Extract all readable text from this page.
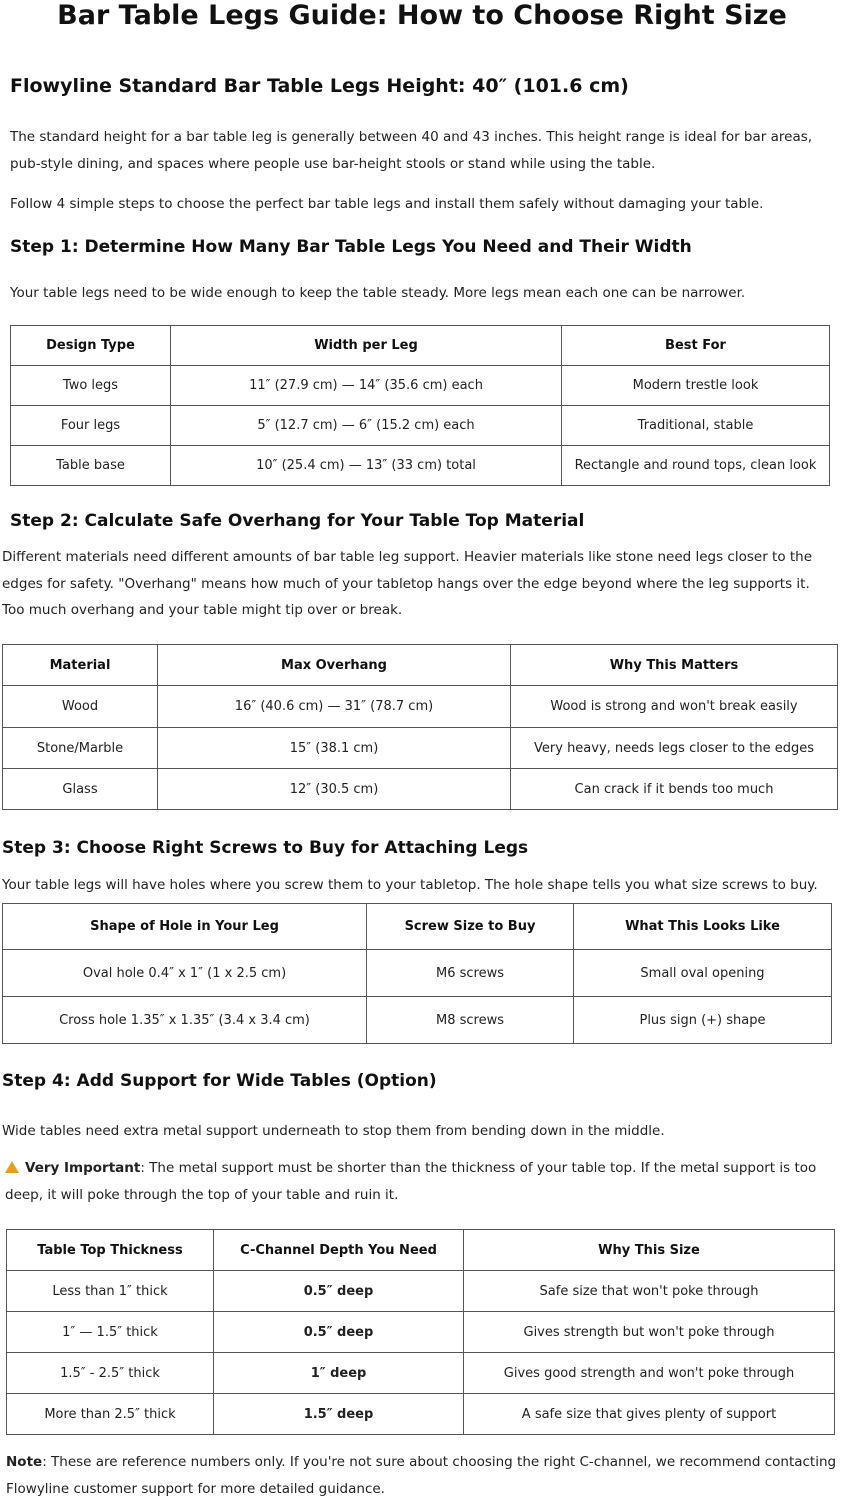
Bar Table Legs Guide: How to Choose Right Size
Flowyline Standard Bar Table Legs Height: 40″ (101.6 cm)

The standard height for a bar table leg is generally between 40 and 43 inches. This height range is ideal for bar areas, pub-style dining, and spaces where people use bar-height stools or stand while using the table.

Follow 4 simple steps to choose the perfect bar table legs and install them safely without damaging your table.

Step 1: Determine How Many Bar Table Legs You Need and Their Width

Your table legs need to be wide enough to keep the table steady. More legs mean each one can be narrower.

Design Type	Width per Leg	Best For
Two legs	11″ (27.9 cm) — 14″ (35.6 cm) each	Modern trestle look
Four legs	5″ (12.7 cm) — 6″ (15.2 cm) each	Traditional, stable
Table base	10″ (25.4 cm) — 13″ (33 cm) total	Rectangle and round tops, clean look
Step 2: Calculate Safe Overhang for Your Table Top Material

Different materials need different amounts of bar table leg support. Heavier materials like stone need legs closer to the edges for safety. "Overhang" means how much of your tabletop hangs over the edge beyond where the leg supports it. Too much overhang and your table might tip over or break.

Material	Max Overhang	Why This Matters
Wood	16″ (40.6 cm) — 31″ (78.7 cm)	Wood is strong and won't break easily
Stone/Marble	15″ (38.1 cm)	Very heavy, needs legs closer to the edges
Glass	12″ (30.5 cm)	Can crack if it bends too much
Step 3: Choose Right Screws to Buy for Attaching Legs

Your table legs will have holes where you screw them to your tabletop. The hole shape tells you what size screws to buy.

Shape of Hole in Your Leg	Screw Size to Buy	What This Looks Like
Oval hole 0.4″ x 1″ (1 x 2.5 cm)	M6 screws	Small oval opening
Cross hole 1.35″ x 1.35″ (3.4 x 3.4 cm)	M8 screws	Plus sign (+) shape
Step 4: Add Support for Wide Tables (Option)

Wide tables need extra metal support underneath to stop them from bending down in the middle.

Very Important: The metal support must be shorter than the thickness of your table top. If the metal support is too deep, it will poke through the top of your table and ruin it.

Table Top Thickness	C-Channel Depth You Need	Why This Size
Less than 1″ thick	0.5″ deep	Safe size that won't poke through
1″ — 1.5″ thick	0.5″ deep	Gives strength but won't poke through
1.5″ - 2.5″ thick	1″ deep	Gives good strength and won't poke through
More than 2.5″ thick	1.5″ deep	A safe size that gives plenty of support

Note: These are reference numbers only. If you're not sure about choosing the right C-channel, we recommend contacting Flowyline customer support for more detailed guidance.
